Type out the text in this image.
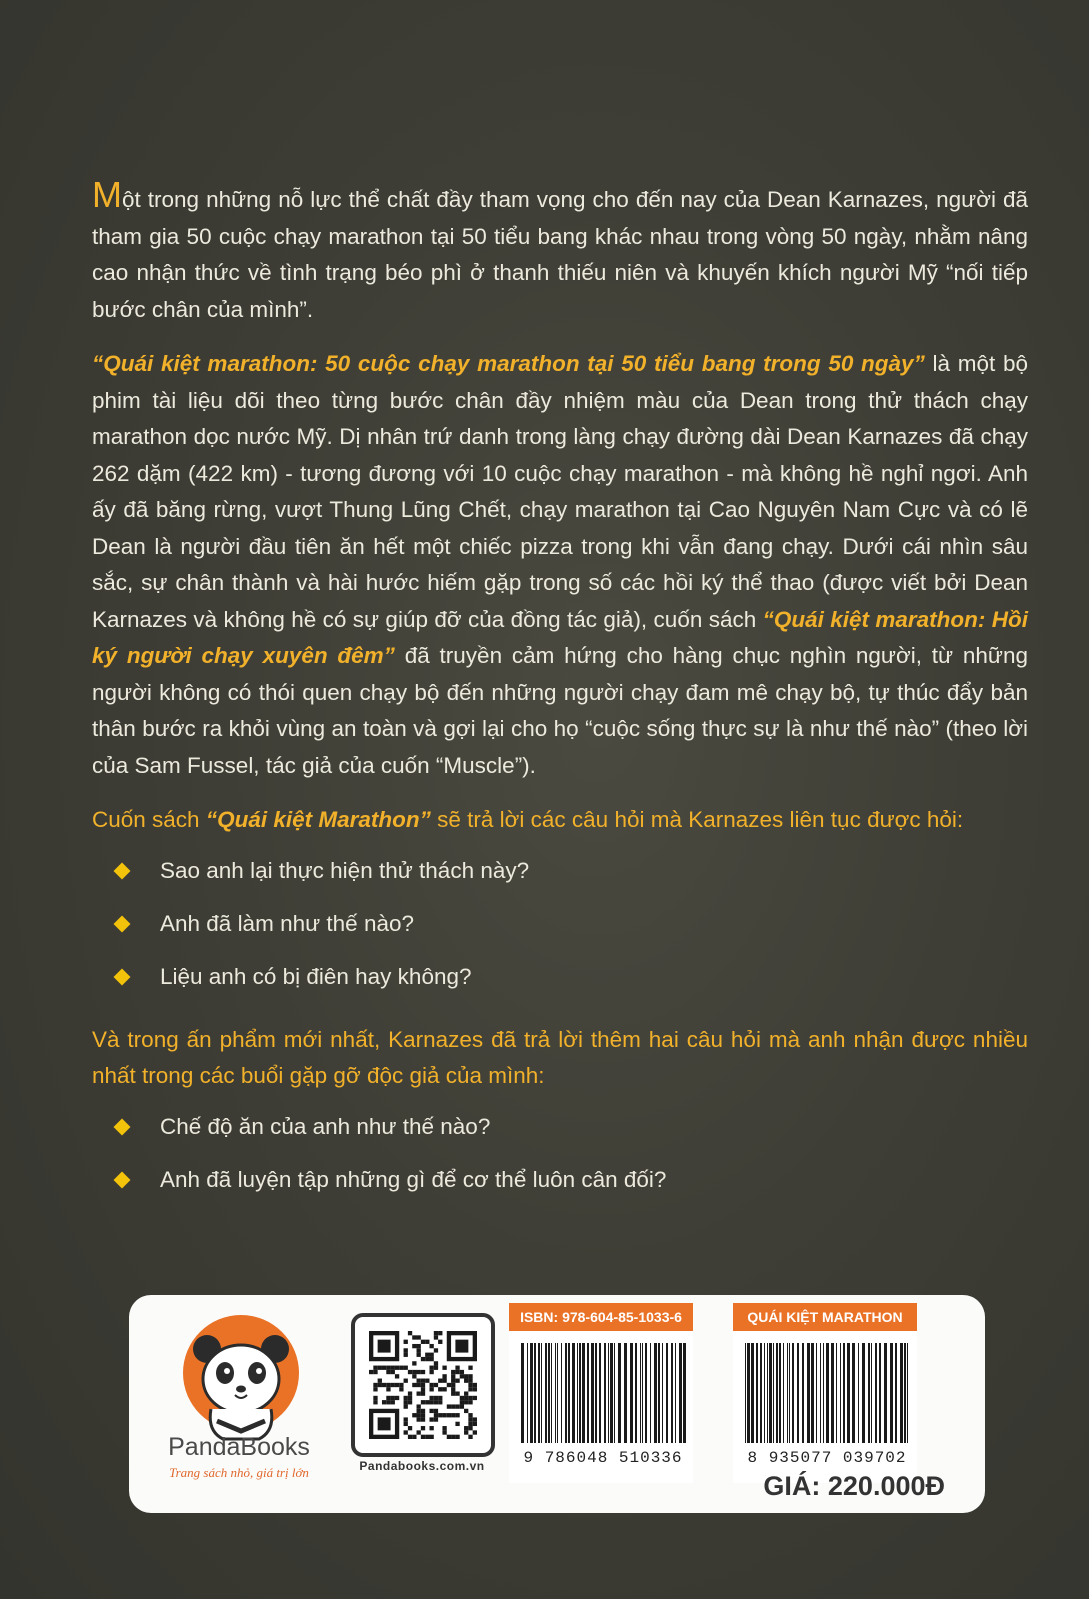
Một trong những nỗ lực thể chất đầy tham vọng cho đến nay của Dean Karnazes, người đã tham gia 50 cuộc chạy marathon tại 50 tiểu bang khác nhau trong vòng 50 ngày, nhằm nâng cao nhận thức về tình trạng béo phì ở thanh thiếu niên và khuyến khích người Mỹ “nối tiếp bước chân của mình”.

“Quái kiệt marathon: 50 cuộc chạy marathon tại 50 tiểu bang trong 50 ngày” là một bộ phim tài liệu dõi theo từng bước chân đầy nhiệm màu của Dean trong thử thách chạy marathon dọc nước Mỹ. Dị nhân trứ danh trong làng chạy đường dài Dean Karnazes đã chạy 262 dặm (422 km) - tương đương với 10 cuộc chạy marathon - mà không hề nghỉ ngơi. Anh ấy đã băng rừng, vượt Thung Lũng Chết, chạy marathon tại Cao Nguyên Nam Cực và có lẽ Dean là người đầu tiên ăn hết một chiếc pizza trong khi vẫn đang chạy. Dưới cái nhìn sâu sắc, sự chân thành và hài hước hiếm gặp trong số các hồi ký thể thao (được viết bởi Dean Karnazes và không hề có sự giúp đỡ của đồng tác giả), cuốn sách “Quái kiệt marathon: Hồi ký người chạy xuyên đêm” đã truyền cảm hứng cho hàng chục nghìn người, từ những người không có thói quen chạy bộ đến những người chạy đam mê chạy bộ, tự thúc đẩy bản thân bước ra khỏi vùng an toàn và gợi lại cho họ “cuộc sống thực sự là như thế nào” (theo lời của Sam Fussel, tác giả của cuốn “Muscle”).

Cuốn sách “Quái kiệt Marathon” sẽ trả lời các câu hỏi mà Karnazes liên tục được hỏi:

Sao anh lại thực hiện thử thách này?
Anh đã làm như thế nào?
Liệu anh có bị điên hay không?

Và trong ấn phẩm mới nhất, Karnazes đã trả lời thêm hai câu hỏi mà anh nhận được nhiều nhất trong các buổi gặp gỡ độc giả của mình:

Chế độ ăn của anh như thế nào?
Anh đã luyện tập những gì để cơ thể luôn cân đối?
PandaBooks
Trang sách nhỏ, giá trị lớn	Pandabooks.com.vn
ISBN: 978-604-85-1033-6
9 786048 510336
QUÁI KIỆT MARATHON
8 935077 039702
GIÁ: 220.000Đ
